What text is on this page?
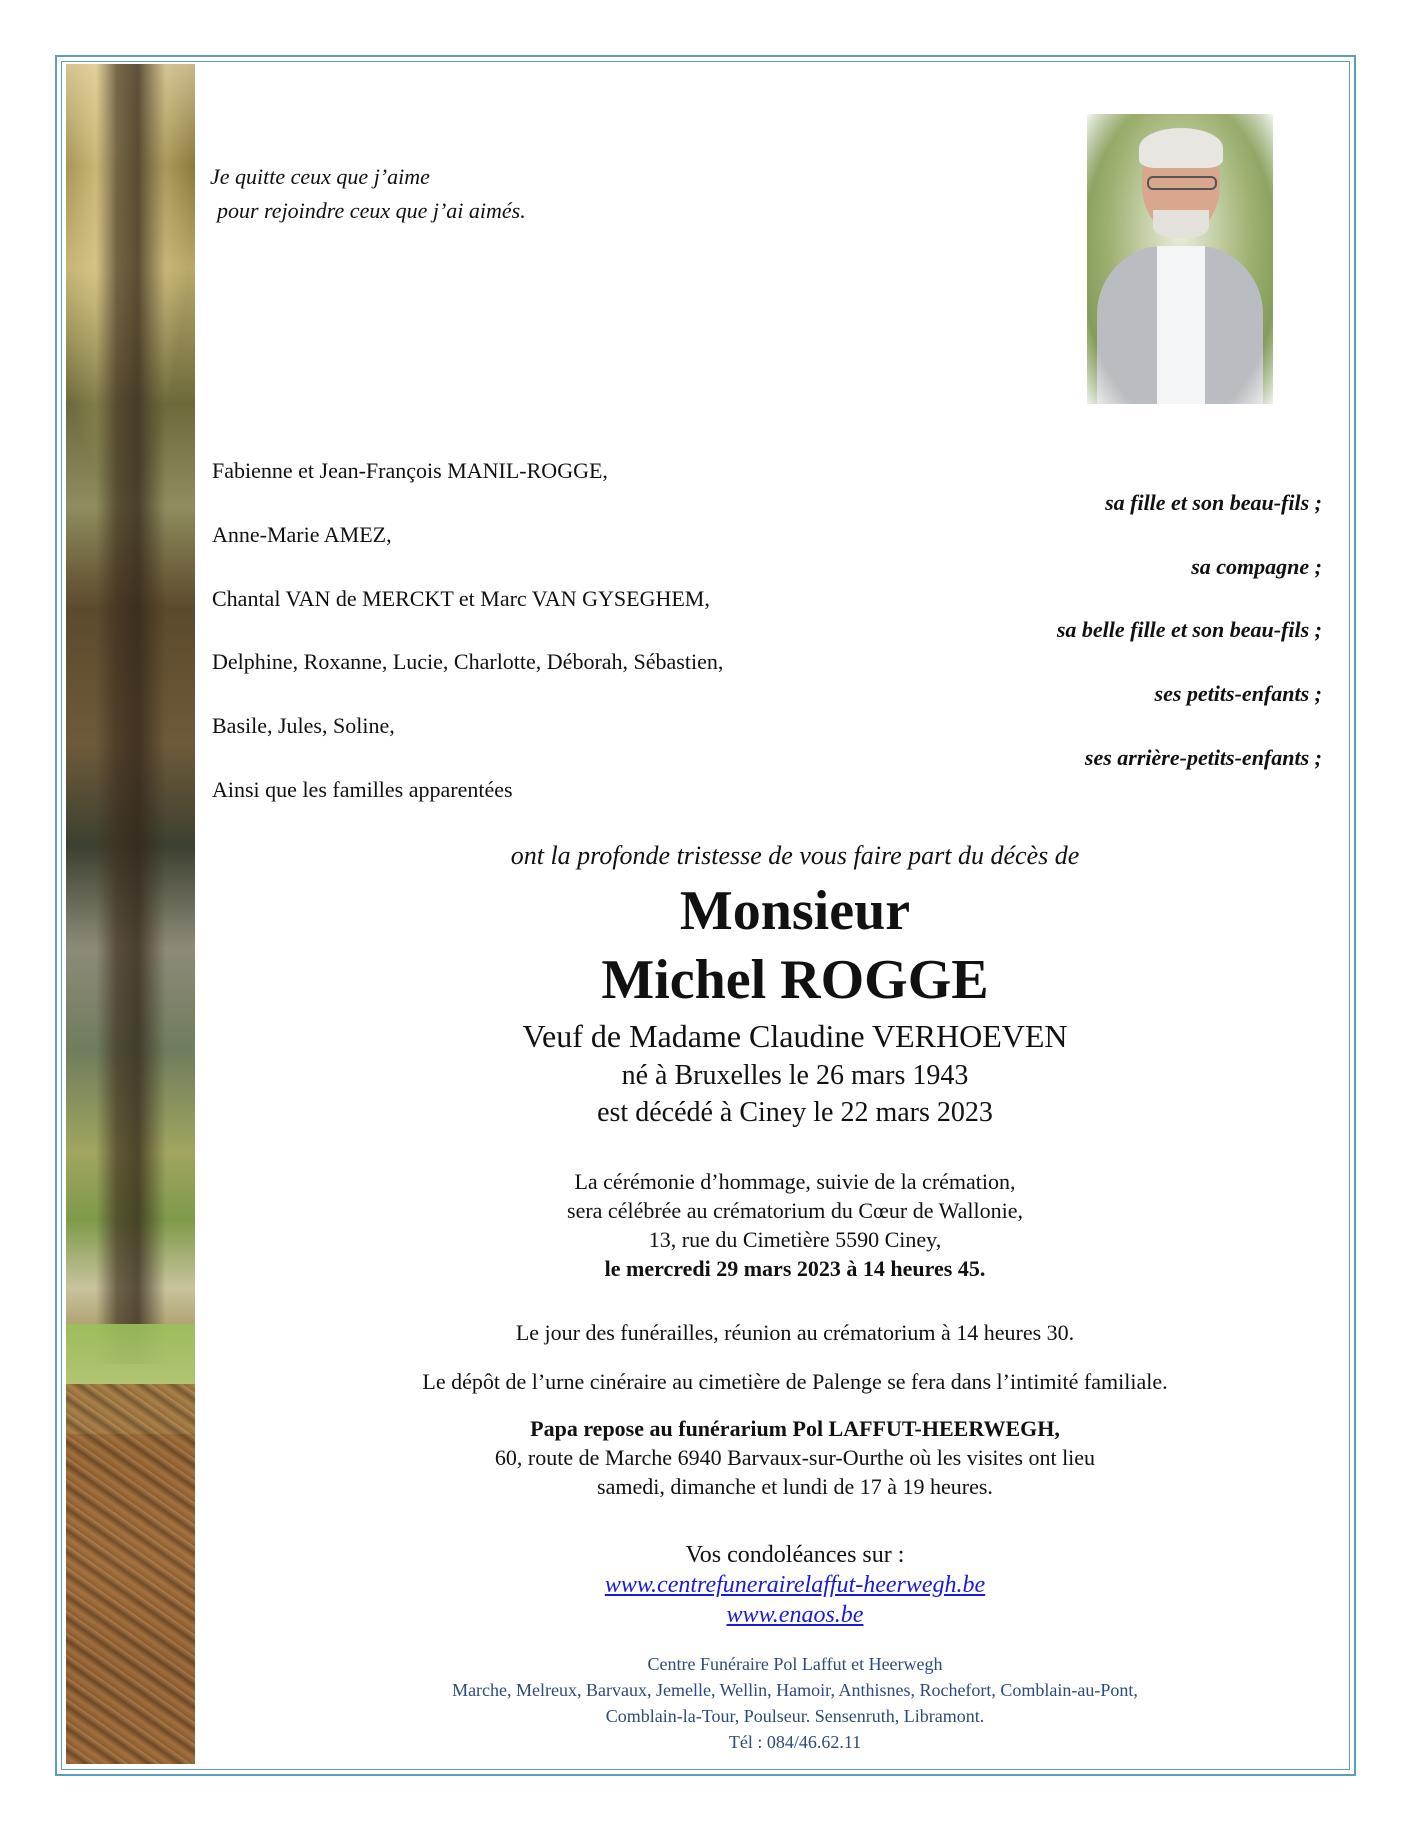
Je quitte ceux que j’aime
pour rejoindre ceux que j’ai aimés.
Fabienne et Jean-François MANIL-ROGGE,
sa fille et son beau-fils ;
Anne-Marie AMEZ,
sa compagne ;
Chantal VAN de MERCKT et Marc VAN GYSEGHEM,
sa belle fille et son beau-fils ;
Delphine, Roxanne, Lucie, Charlotte, Déborah, Sébastien,
ses petits-enfants ;
Basile, Jules, Soline,
ses arrière-petits-enfants ;
Ainsi que les familles apparentées
ont la profonde tristesse de vous faire part du décès de
Monsieur
Michel ROGGE
Veuf de Madame Claudine VERHOEVEN
né à Bruxelles le 26 mars 1943
est décédé à Ciney le 22 mars 2023
La cérémonie d’hommage, suivie de la crémation,
sera célébrée au crématorium du Cœur de Wallonie,
13, rue du Cimetière 5590 Ciney,
le mercredi 29 mars 2023 à 14 heures 45.
Le jour des funérailles, réunion au crématorium à 14 heures 30.
Le dépôt de l’urne cinéraire au cimetière de Palenge se fera dans l’intimité familiale.
Papa repose au funérarium Pol LAFFUT-HEERWEGH,
60, route de Marche 6940 Barvaux-sur-Ourthe où les visites ont lieu
samedi, dimanche et lundi de 17 à 19 heures.
Vos condoléances sur :
www.centrefunerairelaffut-heerwegh.be
www.enaos.be
Centre Funéraire Pol Laffut et Heerwegh
Marche, Melreux, Barvaux, Jemelle, Wellin, Hamoir, Anthisnes, Rochefort, Comblain-au-Pont,
Comblain-la-Tour, Poulseur. Sensenruth, Libramont.
Tél : 084/46.62.11
